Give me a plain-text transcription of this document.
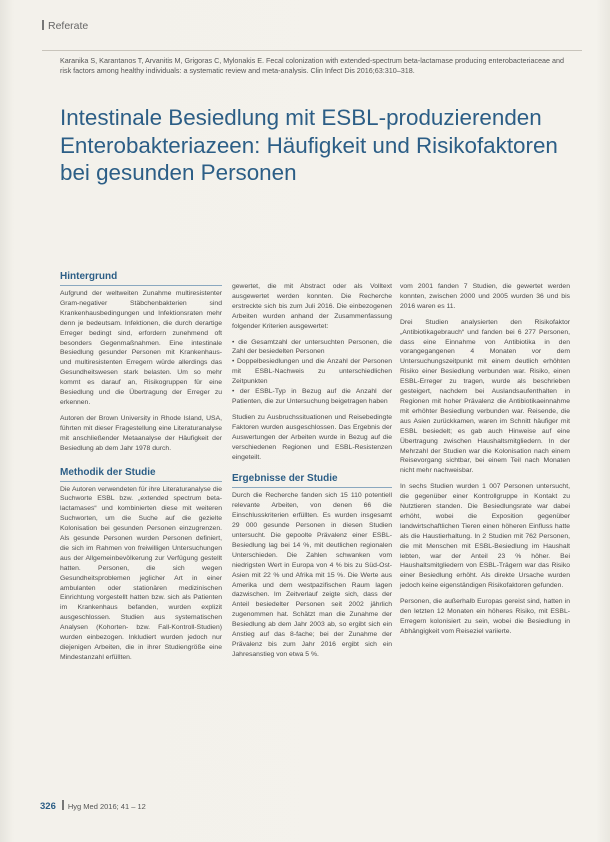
Referate
Karanika S, Karantanos T, Arvanitis M, Grigoras C, Mylonakis E. Fecal colonization with extended-spectrum beta-lactamase producing enterobacteriaceae and risk factors among healthy individuals: a systematic review and meta-analysis. Clin Infect Dis 2016;63:310–318.
Intestinale Besiedlung mit ESBL-produzierenden Enterobakteriazeen: Häufigkeit und Risikofaktoren bei gesunden Personen
Hintergrund

Aufgrund der weltweiten Zunahme multiresistenter Gram-negativer Stäbchenbakterien sind Krankenhausbedingungen und Infektionsraten mehr denn je bedeutsam. Infektionen, die durch derartige Erreger bedingt sind, erfordern zunehmend oft besonders Gegenmaßnahmen. Eine intestinale Besiedlung gesunder Personen mit Krankenhaus- und multiresistenten Erregern würde allerdings das Gesundheitswesen stark belasten. Um so mehr kommt es darauf an, Risikogruppen für eine Besiedlung und die Übertragung der Erreger zu erkennen.

Autoren der Brown University in Rhode Island, USA, führten mit dieser Fragestellung eine Literaturanalyse mit anschließender Metaanalyse der Häufigkeit der Besiedlung ab dem Jahr 1978 durch.

Methodik der Studie

Die Autoren verwendeten für ihre Literaturanalyse die Suchworte ESBL bzw. „extended spectrum beta-lactamases“ und kombinierten diese mit weiteren Suchworten, um die Suche auf die gezielte Kolonisation bei gesunden Personen einzugrenzen. Als gesunde Personen wurden Personen definiert, die sich im Rahmen von freiwilligen Untersuchungen aus der Allgemeinbevölkerung zur Verfügung gestellt hatten. Personen, die sich wegen Gesundheitsproblemen jeglicher Art in einer ambulanten oder stationären medizinischen Einrichtung vorgestellt hatten bzw. sich als Patienten im Krankenhaus befanden, wurden explizit ausgeschlossen. Studien aus systematischen Analysen (Kohorten- bzw. Fall-Kontroll-Studien) wurden einbezogen. Inkludiert wurden jedoch nur diejenigen Arbeiten, die in ihrer Studiengröße eine Mindestanzahl erfüllten.

gewertet, die mit Abstract oder als Volltext ausgewertet werden konnten. Die Recherche erstreckte sich bis zum Juli 2016. Die einbezogenen Arbeiten wurden anhand der Zusammenfassung folgender Kriterien ausgewertet:

• die Gesamtzahl der untersuchten Personen, die Zahl der besiedelten Personen
• Doppelbesiedlungen und die Anzahl der Personen mit ESBL-Nachweis zu unterschiedlichen Zeitpunkten
• der ESBL-Typ in Bezug auf die Anzahl der Patienten, die zur Untersuchung beigetragen haben

Studien zu Ausbruchssituationen und Reisebedingte Faktoren wurden ausgeschlossen. Das Ergebnis der Auswertungen der Arbeiten wurde in Bezug auf die verschiedenen Regionen und ESBL-Resistenzen eingeteilt.

Ergebnisse der Studie

Durch die Recherche fanden sich 15 110 potentiell relevante Arbeiten, von denen 66 die Einschlusskriterien erfüllten. Es wurden insgesamt 29 000 gesunde Personen in diesen Studien untersucht. Die gepoolte Prävalenz einer ESBL-Besiedlung lag bei 14 %, mit deutlichen regionalen Unterschieden. Die Zahlen schwanken vom niedrigsten Wert in Europa von 4 % bis zu Süd-Ost-Asien mit 22 % und Afrika mit 15 %. Die Werte aus Amerika und dem westpazifischen Raum lagen dazwischen. Im Zeitverlauf zeigte sich, dass der Anteil besiedelter Personen seit 2002 jährlich zugenommen hat. Schätzt man die Zunahme der Besiedlung ab dem Jahr 2003 ab, so ergibt sich ein Anstieg auf das 8-fache; bei der Zunahme der Prävalenz bis zum Jahr 2016 ergibt sich ein Jahresanstieg von etwa 5 %.

vom 2001 fanden 7 Studien, die gewertet werden konnten, zwischen 2000 und 2005 wurden 36 und bis 2016 waren es 11.

Drei Studien analysierten den Risikofaktor „Antibiotikagebrauch“ und fanden bei 6 277 Personen, dass eine Einnahme von Antibiotika in den vorangegangenen 4 Monaten vor dem Untersuchungszeitpunkt mit einem deutlich erhöhten Risiko einer Besiedlung verbunden war. Risiko, einen ESBL-Erreger zu tragen, wurde als beschrieben gesteigert, nachdem bei Auslandsaufenthalten in Regionen mit hoher Prävalenz die Antibiotikaeinnahme mit erhöhter Besiedlung verbunden war. Reisende, die aus Asien zurückkamen, waren im Schnitt häufiger mit ESBL besiedelt; es gab auch Hinweise auf eine Übertragung zwischen Haushaltsmitgliedern. In der Mehrzahl der Studien war die Kolonisation nach einem Reisevorgang sichtbar, bei einem Teil nach Monaten nicht mehr nachweisbar.

In sechs Studien wurden 1 007 Personen untersucht, die gegenüber einer Kontrollgruppe in Kontakt zu Nutztieren standen. Die Besiedlungsrate war dabei erhöht, wobei die Exposition gegenüber landwirtschaftlichen Tieren einen höheren Einfluss hatte als die Haustierhaltung. In 2 Studien mit 762 Personen, die mit Menschen mit ESBL-Besiedlung im Haushalt lebten, war der Anteil 23 % höher. Bei Haushaltsmitgliedern von ESBL-Trägern war das Risiko einer Besiedlung erhöht. Als direkte Ursache wurden jedoch keine eigenständigen Risikofaktoren gefunden.

Personen, die außerhalb Europas gereist sind, hatten in den letzten 12 Monaten ein höheres Risiko, mit ESBL-Erregern kolonisiert zu sein, wobei die Besiedlung in Abhängigkeit vom Reiseziel variierte.

326 Hyg Med 2016; 41 – 12
